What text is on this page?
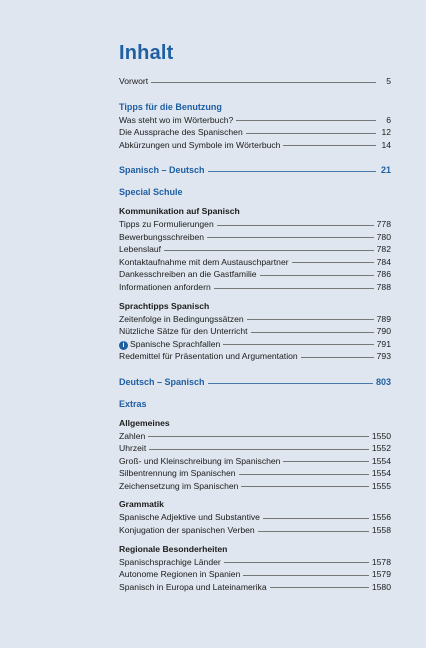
Inhalt
Vorwort	5
Tipps für die Benutzung
Was steht wo im Wörterbuch?	6
Die Aussprache des Spanischen	12
Abkürzungen und Symbole im Wörterbuch	14
Spanisch – Deutsch	21
Special Schule
Kommunikation auf Spanisch
Tipps zu Formulierungen	778
Bewerbungsschreiben	780
Lebenslauf	782
Kontaktaufnahme mit dem Austauschpartner	784
Dankesschreiben an die Gastfamilie	786
Informationen anfordern	788
Sprachtipps Spanisch
Zeitenfolge in Bedingungssätzen	789
Nützliche Sätze für den Unterricht	790
i Spanische Sprachfallen	791
Redemittel für Präsentation und Argumentation	793
Deutsch – Spanisch	803
Extras
Allgemeines
Zahlen	1550
Uhrzeit	1552
Groß- und Kleinschreibung im Spanischen	1554
Silbentrennung im Spanischen	1554
Zeichensetzung im Spanischen	1555
Grammatik
Spanische Adjektive und Substantive	1556
Konjugation der spanischen Verben	1558
Regionale Besonderheiten
Spanischsprachige Länder	1578
Autonome Regionen in Spanien	1579
Spanisch in Europa und Lateinamerika	1580
